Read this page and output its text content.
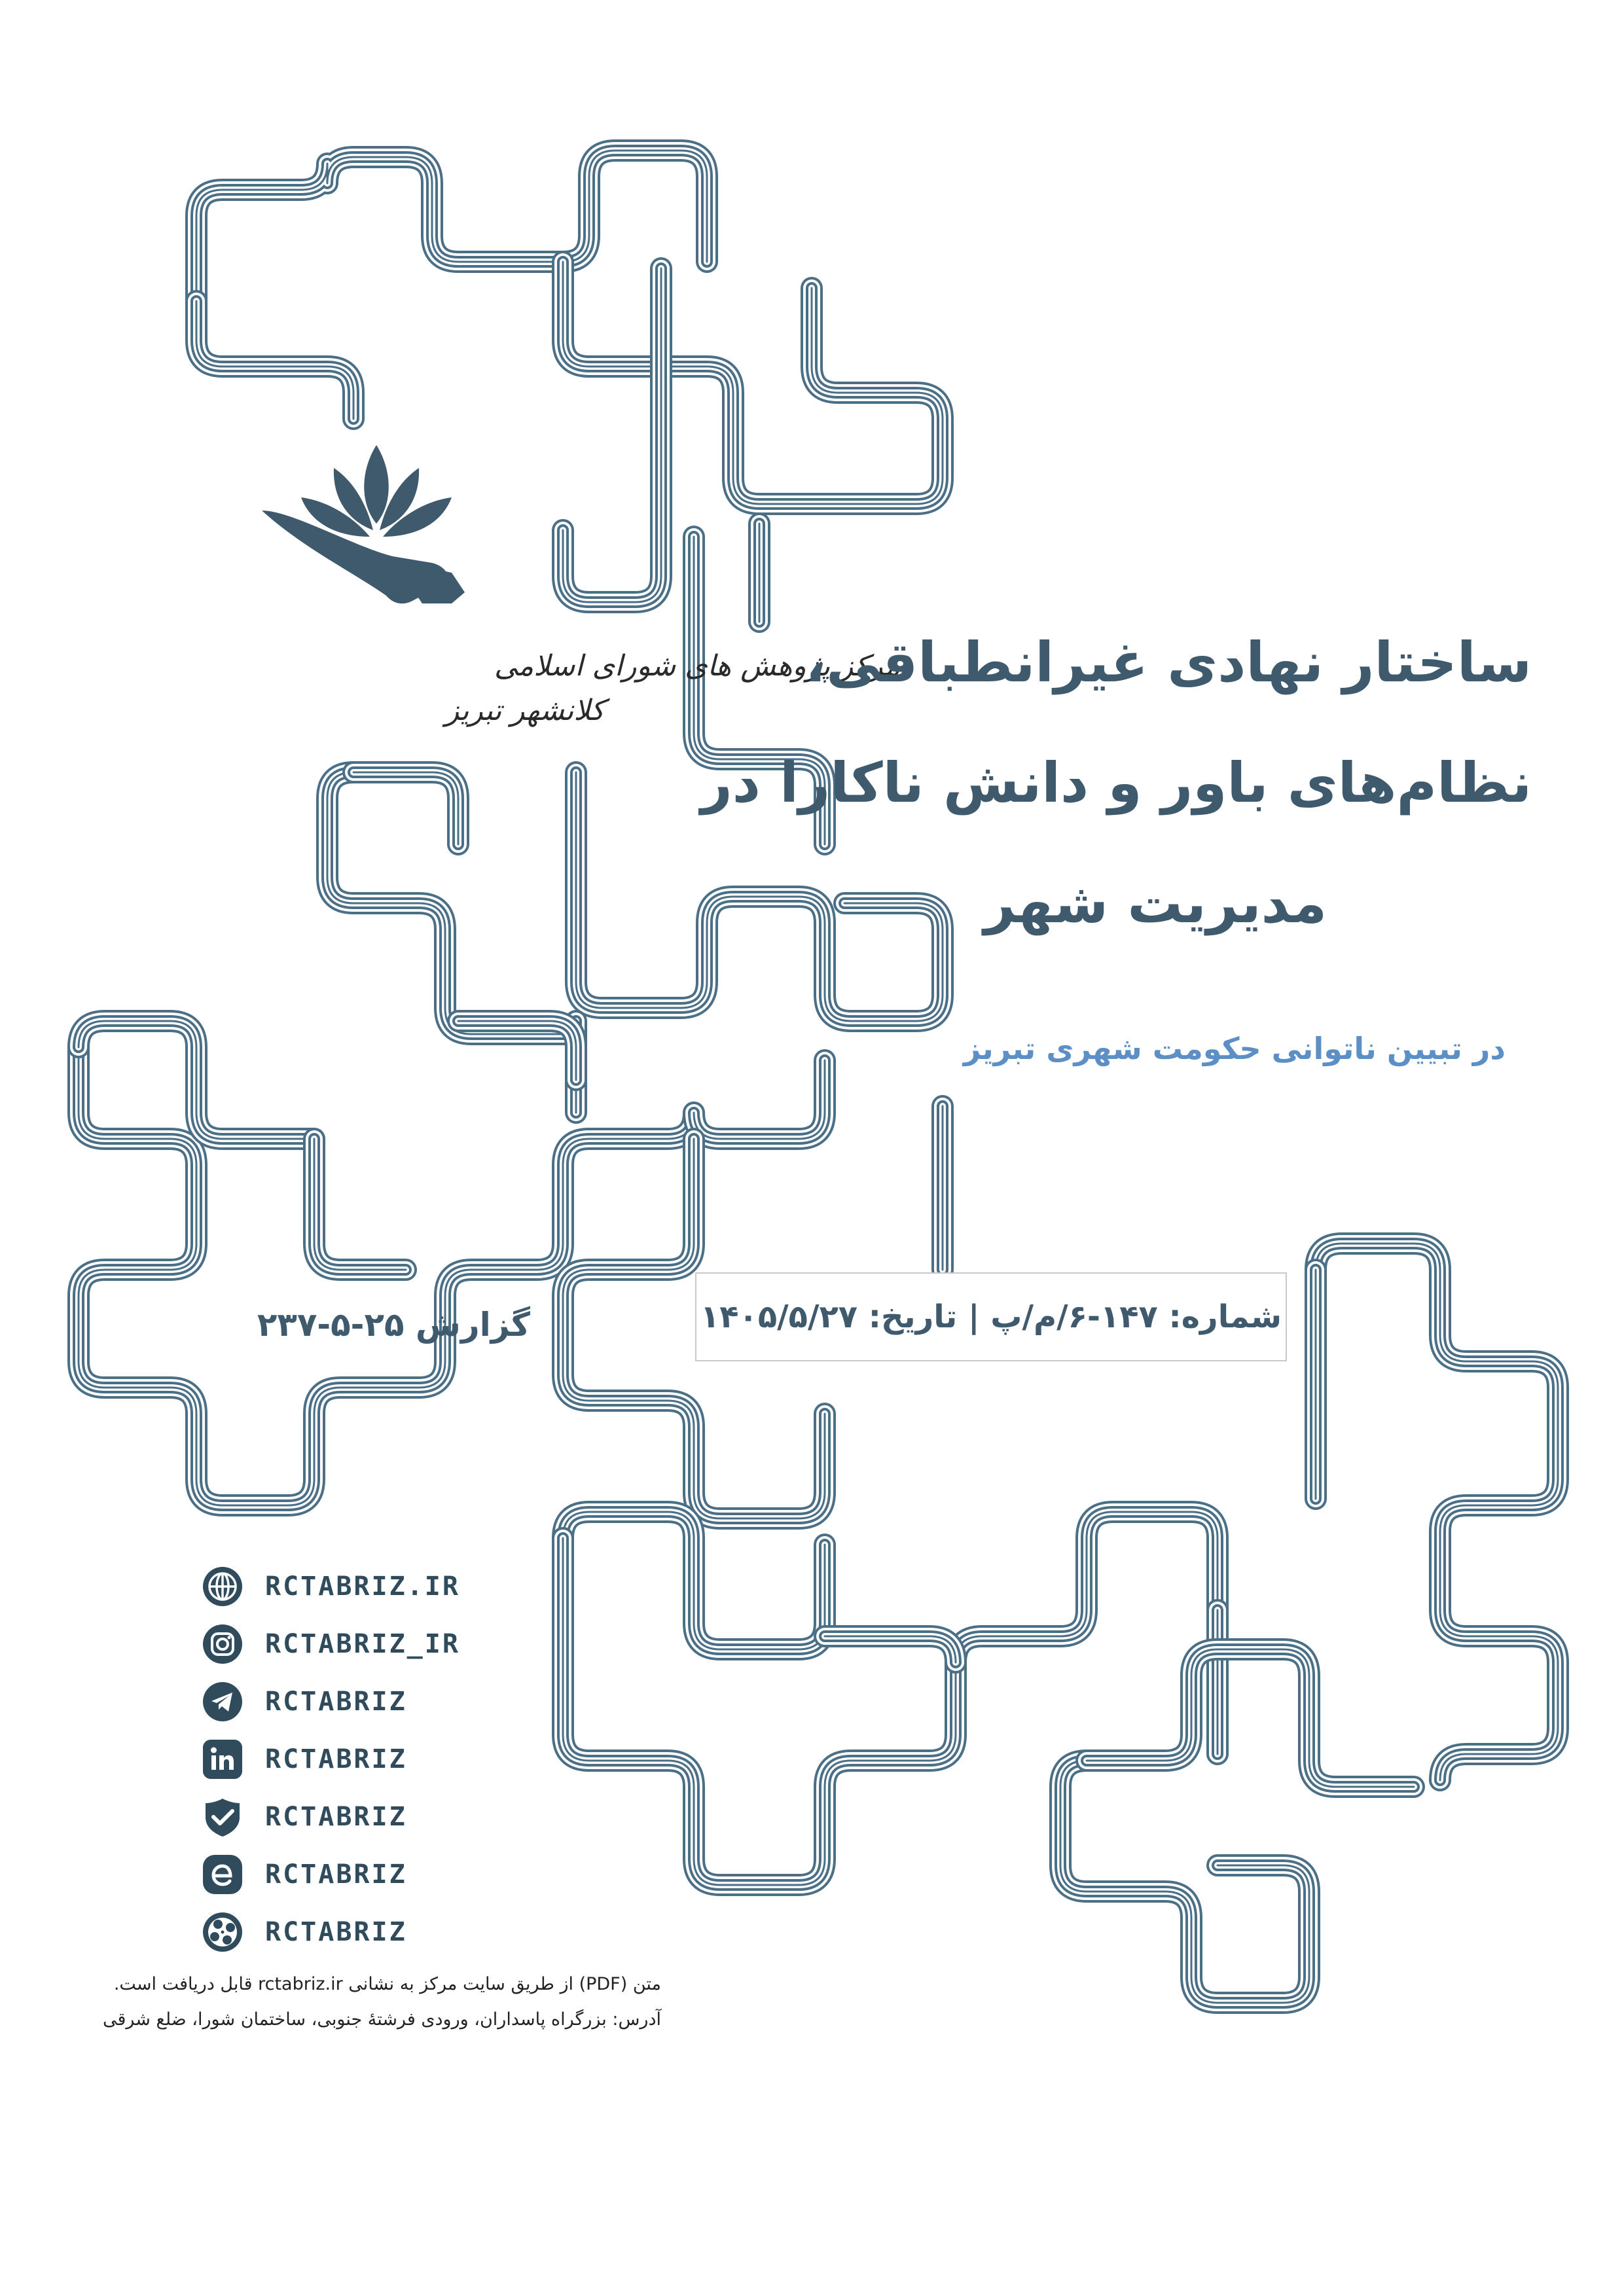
مرکز پژوهش های شورای اسلامی
کلانشهر تبریز
ساختار نهادی غیرانطباقی،
نظام‌های باور و دانش ناکارا در
مدیریت شهر
در تبیین ناتوانی حکومت شهری تبریز
گزارش ۲۵-۵-۲۳۷	شماره: ۱۴۷-۶/م/پ | تاریخ: ۱۴۰۵/۵/۲۷
RCTABRIZ.IR
RCTABRIZ_IR
RCTABRIZ
RCTABRIZ
RCTABRIZ
RCTABRIZ
RCTABRIZ
متن (PDF) از طریق سایت مرکز به نشانی rctabriz.ir قابل دریافت است.
آدرس: بزرگراه پاسداران، ورودی فرشتهٔ جنوبی، ساختمان شورا، ضلع شرقی
